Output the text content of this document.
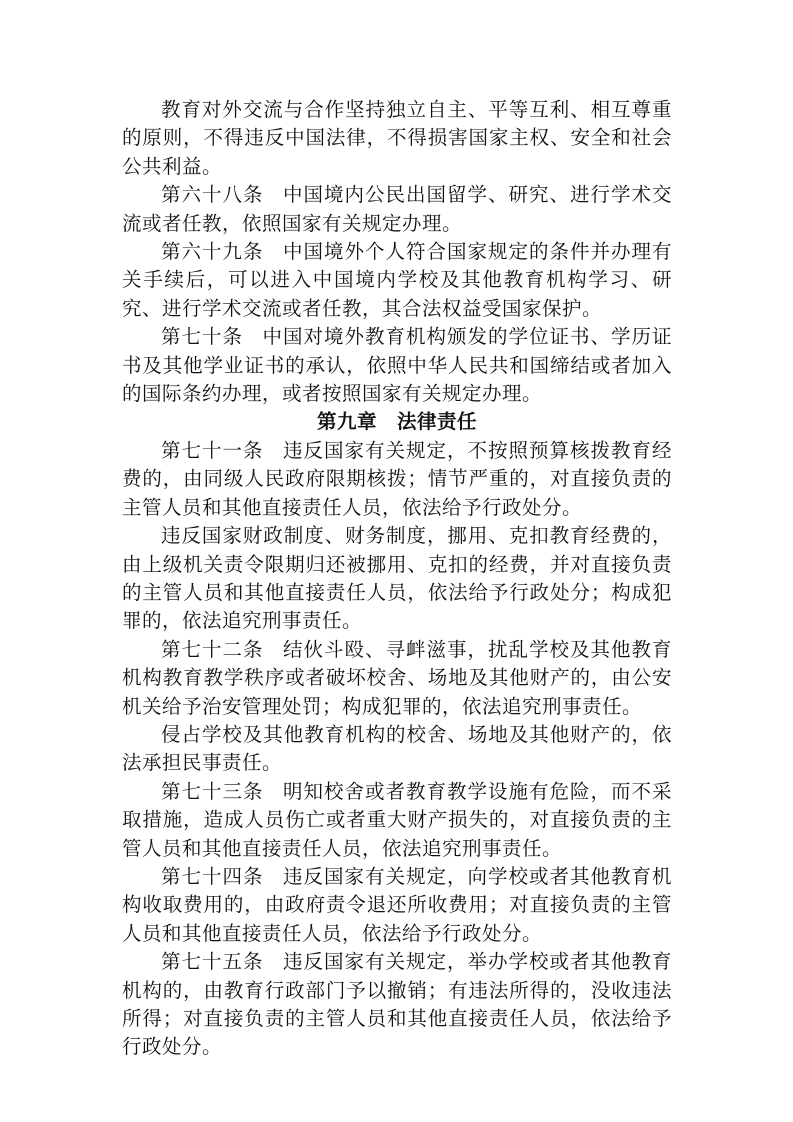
教育对外交流与合作坚持独立自主、平等互利、相互尊重的原则，不得违反中国法律，不得损害国家主权、安全和社会公共利益。

第六十八条 中国境内公民出国留学、研究、进行学术交流或者任教，依照国家有关规定办理。

第六十九条 中国境外个人符合国家规定的条件并办理有关手续后，可以进入中国境内学校及其他教育机构学习、研究、进行学术交流或者任教，其合法权益受国家保护。

第七十条 中国对境外教育机构颁发的学位证书、学历证书及其他学业证书的承认，依照中华人民共和国缔结或者加入的国际条约办理，或者按照国家有关规定办理。

第九章　法律责任

第七十一条 违反国家有关规定，不按照预算核拨教育经费的，由同级人民政府限期核拨；情节严重的，对直接负责的主管人员和其他直接责任人员，依法给予行政处分。

违反国家财政制度、财务制度，挪用、克扣教育经费的，由上级机关责令限期归还被挪用、克扣的经费，并对直接负责的主管人员和其他直接责任人员，依法给予行政处分；构成犯罪的，依法追究刑事责任。

第七十二条 结伙斗殴、寻衅滋事，扰乱学校及其他教育机构教育教学秩序或者破坏校舍、场地及其他财产的，由公安机关给予治安管理处罚；构成犯罪的，依法追究刑事责任。

侵占学校及其他教育机构的校舍、场地及其他财产的，依法承担民事责任。

第七十三条 明知校舍或者教育教学设施有危险，而不采取措施，造成人员伤亡或者重大财产损失的，对直接负责的主管人员和其他直接责任人员，依法追究刑事责任。

第七十四条 违反国家有关规定，向学校或者其他教育机构收取费用的，由政府责令退还所收费用；对直接负责的主管人员和其他直接责任人员，依法给予行政处分。

第七十五条 违反国家有关规定，举办学校或者其他教育机构的，由教育行政部门予以撤销；有违法所得的，没收违法所得；对直接负责的主管人员和其他直接责任人员，依法给予行政处分。
